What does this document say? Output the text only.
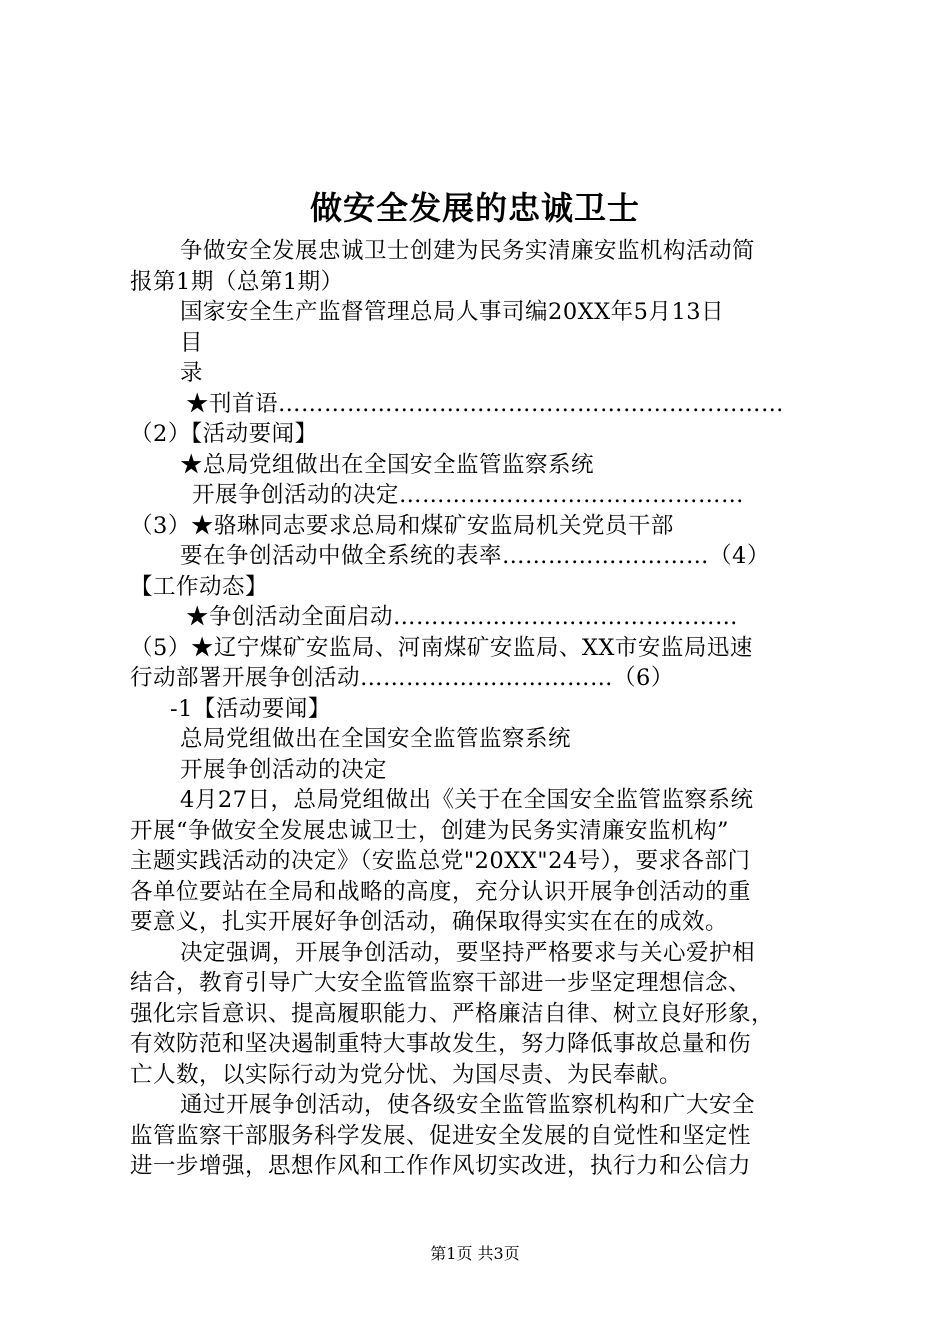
做安全发展的忠诚卫士
争做安全发展忠诚卫士创建为民务实清廉安监机构活动简
报第1期（总第1期）
国家安全生产监督管理总局人事司编20XX年5月13日
目
录
★刊首语…………………………………………………………
（2）【活动要闻】
★总局党组做出在全国安全监管监察系统
开展争创活动的决定………………………………………
（3）★骆琳同志要求总局和煤矿安监局机关党员干部
要在争创活动中做全系统的表率………………………（4）
【工作动态】
★争创活动全面启动………………………………………
（5）★辽宁煤矿安监局、河南煤矿安监局、XX市安监局迅速
行动部署开展争创活动……………………………（6）
-1【活动要闻】
总局党组做出在全国安全监管监察系统
开展争创活动的决定
4月27日，总局党组做出《关于在全国安全监管监察系统
开展“争做安全发展忠诚卫士，创建为民务实清廉安监机构”
主题实践活动的决定》（安监总党"20XX"24号），要求各部门
各单位要站在全局和战略的高度，充分认识开展争创活动的重
要意义，扎实开展好争创活动，确保取得实实在在的成效。
决定强调，开展争创活动，要坚持严格要求与关心爱护相
结合，教育引导广大安全监管监察干部进一步坚定理想信念、
强化宗旨意识、提高履职能力、严格廉洁自律、树立良好形象，
有效防范和坚决遏制重特大事故发生，努力降低事故总量和伤
亡人数，以实际行动为党分忧、为国尽责、为民奉献。
通过开展争创活动，使各级安全监管监察机构和广大安全
监管监察干部服务科学发展、促进安全发展的自觉性和坚定性
进一步增强，思想作风和工作作风切实改进，执行力和公信力
第1页 共3页
